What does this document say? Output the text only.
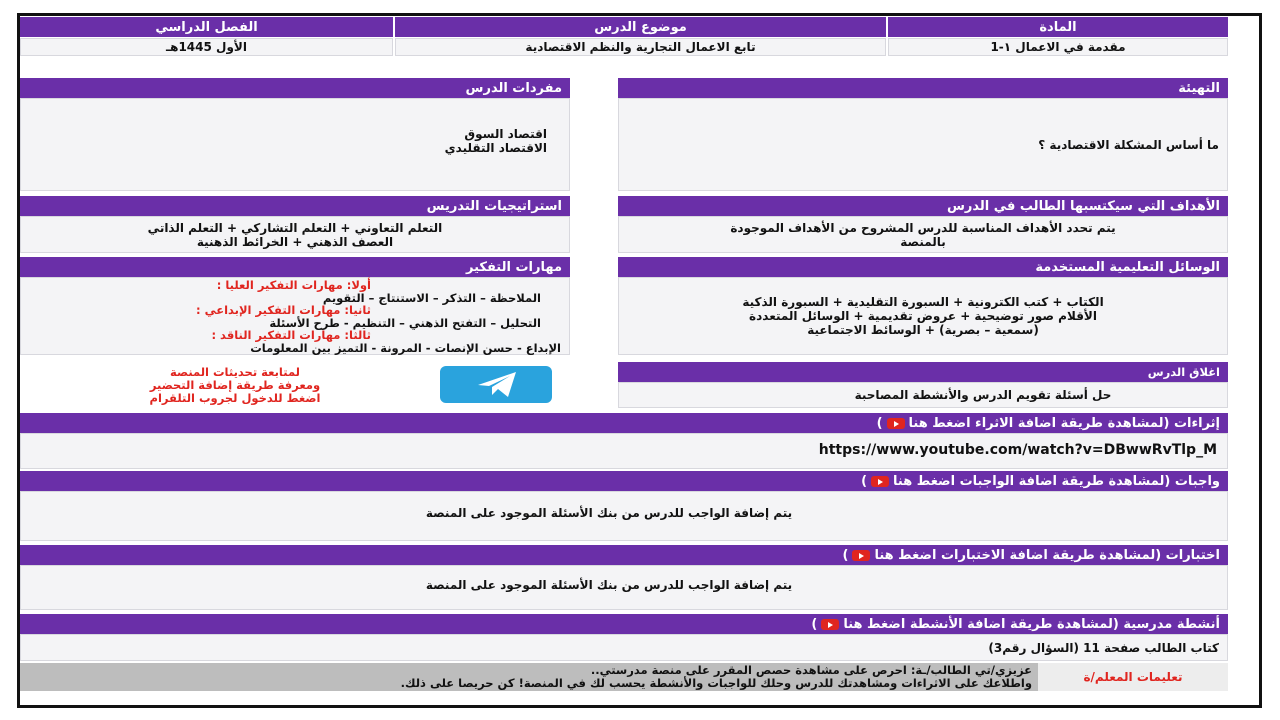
الفصل الدراسي	موضوع الدرس	المادة
الأول 1445هـ	تابع الاعمال التجارية والنظم الاقتصادية	مقدمة في الاعمال ١-1
مفردات الدرس
اقتصاد السوق
الاقتصاد التقليدي
التهيئة
ما أساس المشكلة الاقتصادية ؟
استراتيجيات التدريس
التعلم التعاوني + التعلم التشاركي + التعلم الذاتي
العصف الذهني + الخرائط الذهنية
الأهداف التي سيكتسبها الطالب في الدرس
يتم تحدد الأهداف المناسبة للدرس المشروح من الأهداف الموجودة
بالمنصة
مهارات التفكير
أولا: مهارات التفكير العليا :
الملاحظة – التذكر – الاستنتاج – التقويم
ثانيا: مهارات التفكير الإبداعي :
التحليل – التفتح الذهني – التنظيم - طرح الأسئلة
ثالثا: مهارات التفكير الناقد :
الإبداع - حسن الإنصات - المرونة - التميز بين المعلومات
الوسائل التعليمية المستخدمة
الكتاب + كتب الكترونية + السبورة التقليدية + السبورة الذكية
الأقلام صور توضيحية + عروض تقديمية + الوسائل المتعددة
(سمعية – بصرية) + الوسائط الاجتماعية
لمتابعة تحديثات المنصة
ومعرفة طريقة إضافة التحضير
اضغط للدخول لجروب التلقرام
اغلاق الدرس
حل أسئلة تقويم الدرس والأنشطة المصاحبة
إثراءات (لمشاهدة طريقة اضافة الاثراء اضغط هنا)
https://www.youtube.com/watch?v=DBwwRvTlp_M
واجبات (لمشاهدة طريقة اضافة الواجبات اضغط هنا)
يتم إضافة الواجب للدرس من بنك الأسئلة الموجود على المنصة
اختبارات (لمشاهدة طريقة اضافة الاختبارات اضغط هنا)
يتم إضافة الواجب للدرس من بنك الأسئلة الموجود على المنصة
أنشطة مدرسية (لمشاهدة طريقة اضافة الأنشطة اضغط هنا)
كتاب الطالب صفحة 11 (السؤال رقم3)
تعليمات المعلم/ة
عزيزي/تي الطالب/ـة: احرص على مشاهدة حصص المقرر على منصة مدرستي..
واطلاعك على الاثراءات ومشاهدتك للدرس وحلك للواجبات والأنشطة يحسب لك في المنصة! كن حريصا على ذلك.
